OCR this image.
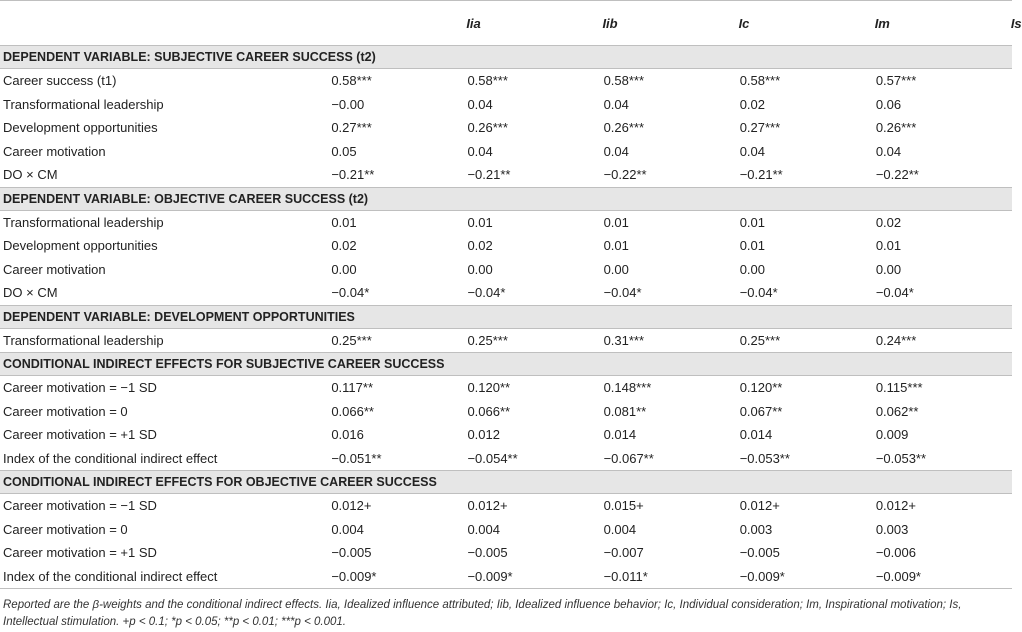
	Iia	Iib	Ic	Im	Is
DEPENDENT VARIABLE: SUBJECTIVE CAREER SUCCESS (t2)					
Career success (t1)	0.58***	0.58***	0.58***	0.58***	0.57***
Transformational leadership	−0.00	0.04	0.04	0.02	0.06
Development opportunities	0.27***	0.26***	0.26***	0.27***	0.26***
Career motivation	0.05	0.04	0.04	0.04	0.04
DO × CM	−0.21**	−0.21**	−0.22**	−0.21**	−0.22**
DEPENDENT VARIABLE: OBJECTIVE CAREER SUCCESS (t2)					
Transformational leadership	0.01	0.01	0.01	0.01	0.02
Development opportunities	0.02	0.02	0.01	0.01	0.01
Career motivation	0.00	0.00	0.00	0.00	0.00
DO × CM	−0.04*	−0.04*	−0.04*	−0.04*	−0.04*
DEPENDENT VARIABLE: DEVELOPMENT OPPORTUNITIES					
Transformational leadership	0.25***	0.25***	0.31***	0.25***	0.24***
CONDITIONAL INDIRECT EFFECTS FOR SUBJECTIVE CAREER SUCCESS					
Career motivation = −1 SD	0.117**	0.120**	0.148***	0.120**	0.115***
Career motivation = 0	0.066**	0.066**	0.081**	0.067**	0.062**
Career motivation = +1 SD	0.016	0.012	0.014	0.014	0.009
Index of the conditional indirect effect	−0.051**	−0.054**	−0.067**	−0.053**	−0.053**
CONDITIONAL INDIRECT EFFECTS FOR OBJECTIVE CAREER SUCCESS					
Career motivation = −1 SD	0.012+	0.012+	0.015+	0.012+	0.012+
Career motivation = 0	0.004	0.004	0.004	0.003	0.003
Career motivation = +1 SD	−0.005	−0.005	−0.007	−0.005	−0.006
Index of the conditional indirect effect	−0.009*	−0.009*	−0.011*	−0.009*	−0.009*
Reported are the β-weights and the conditional indirect effects. Iia, Idealized influence attributed; Iib, Idealized influence behavior; Ic, Individual consideration; Im, Inspirational motivation; Is, Intellectual stimulation. +p < 0.1; *p < 0.05; **p < 0.01; ***p < 0.001.
